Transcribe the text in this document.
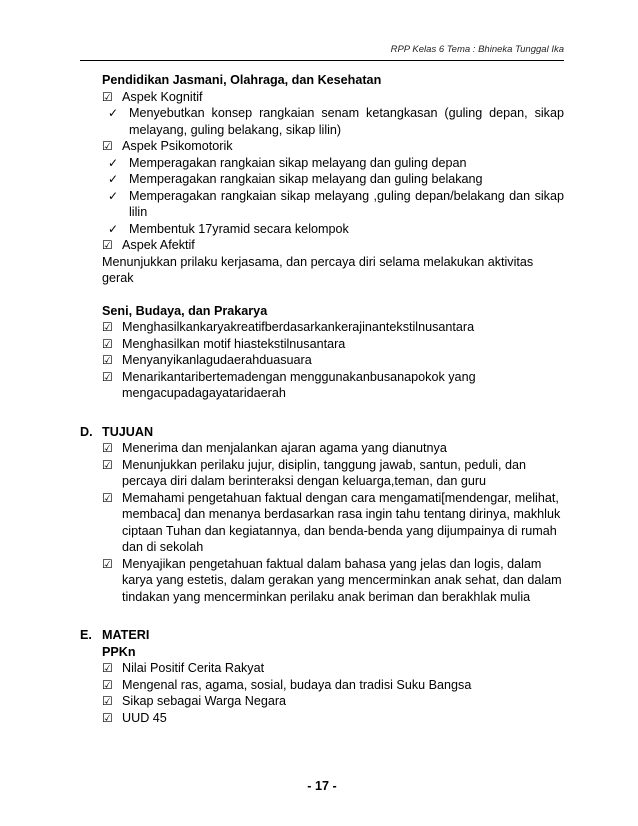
RPP Kelas 6 Tema : Bhineka Tunggal Ika

Pendidikan Jasmani, Olahraga, dan Kesehatan

☑ Aspek Kognitif
✓ Menyebutkan konsep rangkaian senam ketangkasan (guling depan, sikap melayang, guling belakang, sikap lilin)
☑ Aspek Psikomotorik
✓ Memperagakan rangkaian sikap melayang dan guling depan
✓ Memperagakan rangkaian sikap melayang dan guling belakang
✓ Memperagakan rangkaian sikap melayang ,guling depan/belakang dan sikap lilin
✓ Membentuk 17yramid secara kelompok
☑ Aspek Afektif

Menunjukkan prilaku kerjasama, dan percaya diri selama melakukan aktivitas gerak

Seni, Budaya, dan Prakarya

☑ Menghasilkankaryakreatifberdasarkankerajinantekstilnusantara
☑ Menghasilkan motif hiastekstilnusantara
☑ Menyanyikanlagudaerahduasuara
☑ Menarikantaribertemadengan menggunakanbusanapokok yang mengacupadagayataridaerah
D. TUJUAN
☑ Menerima dan menjalankan ajaran agama yang dianutnya
☑ Menunjukkan perilaku jujur, disiplin, tanggung jawab, santun, peduli, dan percaya diri dalam berinteraksi dengan keluarga,teman, dan guru
☑ Memahami pengetahuan faktual dengan cara mengamati[mendengar, melihat, membaca] dan menanya berdasarkan rasa ingin tahu tentang dirinya, makhluk ciptaan Tuhan dan kegiatannya, dan benda-benda yang dijumpainya di rumah dan di sekolah
☑ Menyajikan pengetahuan faktual dalam bahasa yang jelas dan logis, dalam karya yang estetis, dalam gerakan yang mencerminkan anak sehat, dan dalam tindakan yang mencerminkan perilaku anak beriman dan berakhlak mulia
E. MATERI
PPKn
☑ Nilai Positif Cerita Rakyat
☑ Mengenal ras, agama, sosial, budaya dan tradisi Suku Bangsa
☑ Sikap sebagai Warga Negara
☑ UUD 45
- 17 -
